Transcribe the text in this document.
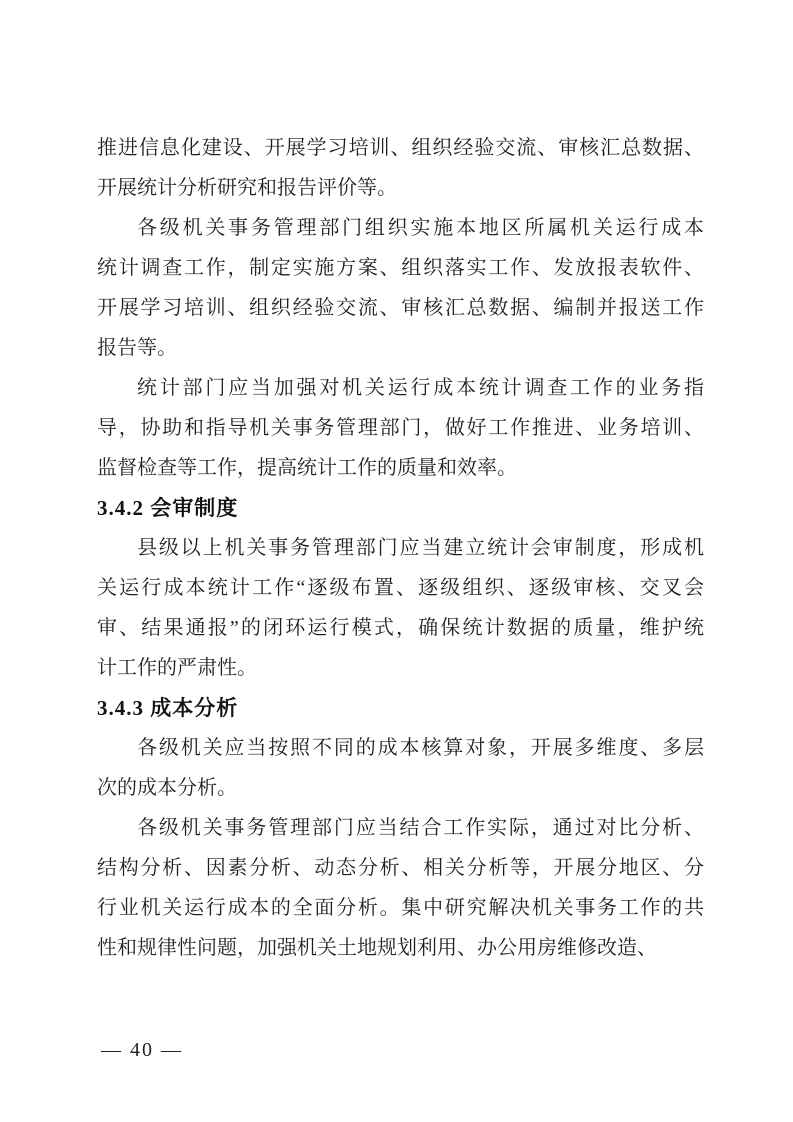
推进信息化建设、开展学习培训、组织经验交流、审核汇总数据、
开展统计分析研究和报告评价等。
各级机关事务管理部门组织实施本地区所属机关运行成本
统计调查工作，制定实施方案、组织落实工作、发放报表软件、
开展学习培训、组织经验交流、审核汇总数据、编制并报送工作
报告等。
统计部门应当加强对机关运行成本统计调查工作的业务指
导，协助和指导机关事务管理部门，做好工作推进、业务培训、
监督检查等工作，提高统计工作的质量和效率。
3.4.2 会审制度
县级以上机关事务管理部门应当建立统计会审制度，形成机
关运行成本统计工作“逐级布置、逐级组织、逐级审核、交叉会
审、结果通报”的闭环运行模式，确保统计数据的质量，维护统
计工作的严肃性。
3.4.3 成本分析
各级机关应当按照不同的成本核算对象，开展多维度、多层
次的成本分析。
各级机关事务管理部门应当结合工作实际，通过对比分析、
结构分析、因素分析、动态分析、相关分析等，开展分地区、分
行业机关运行成本的全面分析。集中研究解决机关事务工作的共
性和规律性问题，加强机关土地规划利用、办公用房维修改造、
— 40 —
